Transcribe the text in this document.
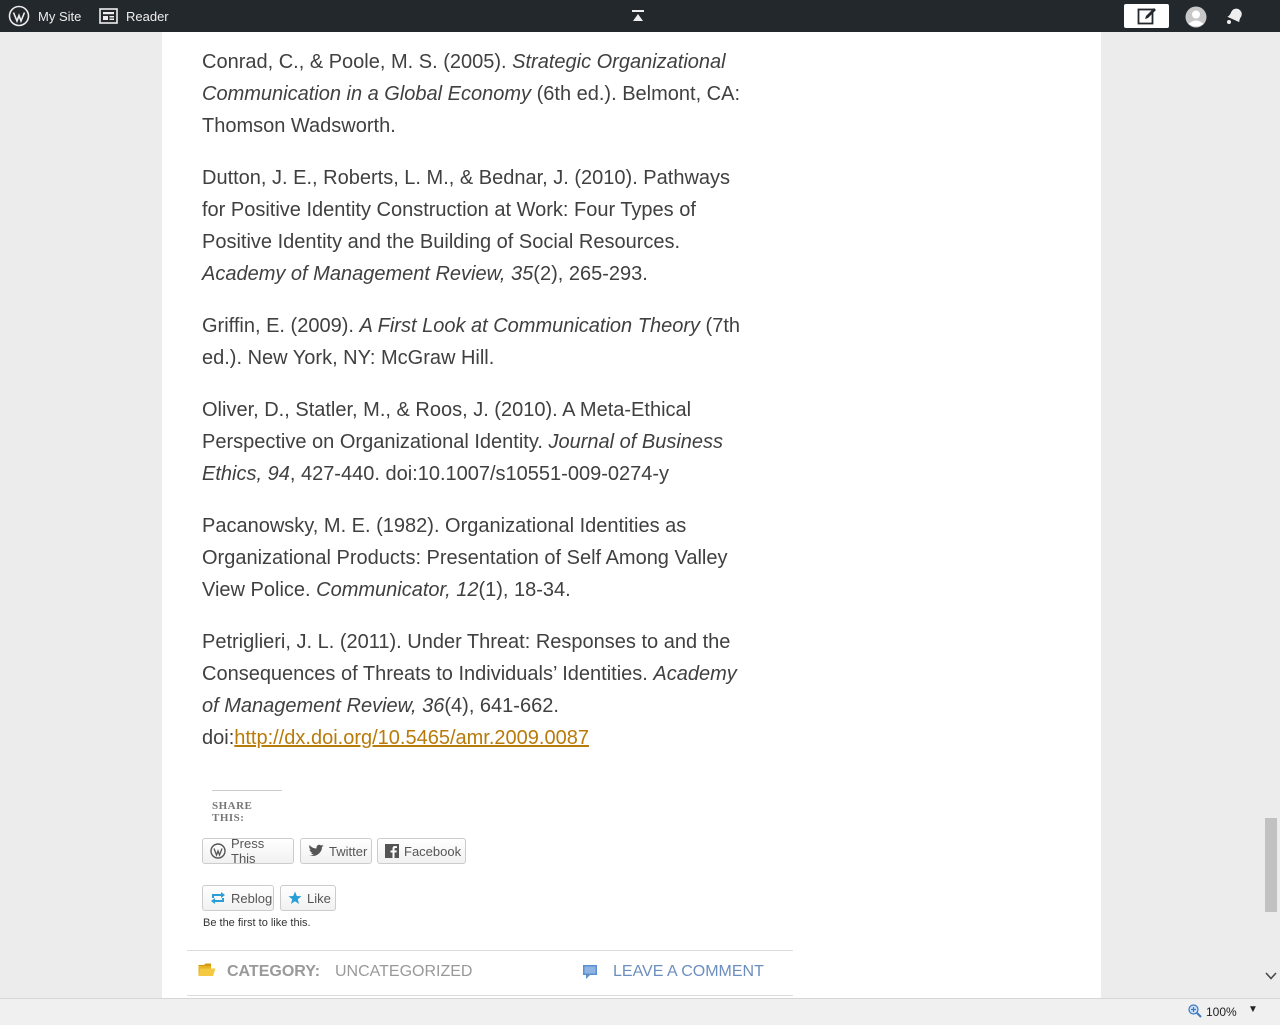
My Site	Reader

Conrad, C., & Poole, M. S. (2005). Strategic Organizational Communication in a Global Economy (6th ed.). Belmont, CA: Thomson Wadsworth.

Dutton, J. E., Roberts, L. M., & Bednar, J. (2010). Pathways for Positive Identity Construction at Work: Four Types of Positive Identity and the Building of Social Resources. Academy of Management Review, 35(2), 265-293.

Griffin, E. (2009). A First Look at Communication Theory (7th ed.). New York, NY: McGraw Hill.

Oliver, D., Statler, M., & Roos, J. (2010). A Meta-Ethical Perspective on Organizational Identity. Journal of Business Ethics, 94, 427-440. doi:10.1007/s10551-009-0274-y

Pacanowsky, M. E. (1982). Organizational Identities as Organizational Products: Presentation of Self Among Valley View Police. Communicator, 12(1), 18-34.

Petriglieri, J. L. (2011). Under Threat: Responses to and the Consequences of Threats to Individuals’ Identities. Academy of Management Review, 36(4), 641-662. doi:http://dx.doi.org/10.5465/amr.2009.0087

SHARE THIS:
Press This	Twitter	Facebook
Reblog	Like
Be the first to like this.
CATEGORY: UNCATEGORIZED	LEAVE A COMMENT
100% ▼
